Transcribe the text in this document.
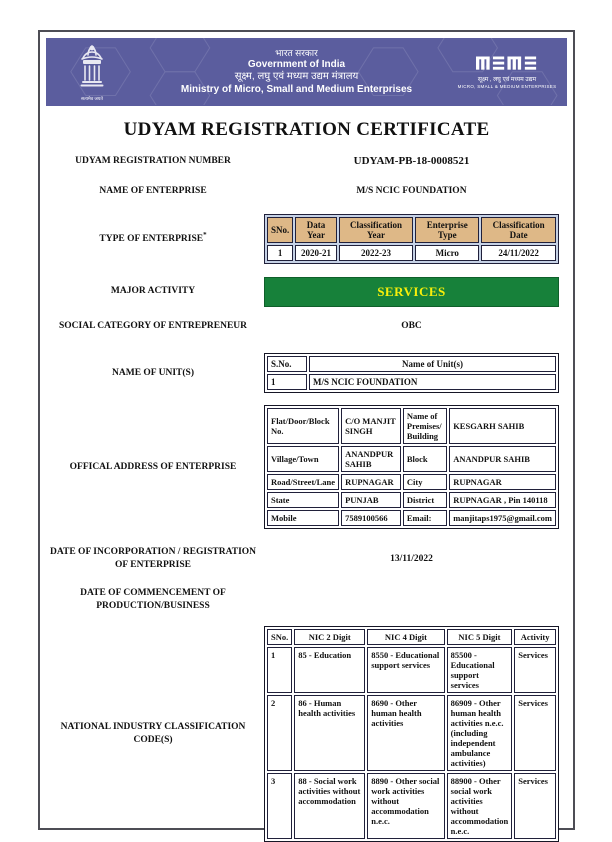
सत्यमेव जयते
भारत सरकार
Government of India
सूक्ष्म, लघु एवं मध्यम उद्यम मंत्रालय
Ministry of Micro, Small and Medium Enterprises
सूक्ष्म , लघु एवं मध्यम उद्यम
MICRO, SMALL & MEDIUM ENTERPRISES
UDYAM REGISTRATION CERTIFICATE
UDYAM REGISTRATION NUMBER	UDYAM-PB-18-0008521
NAME OF ENTERPRISE	M/S NCIC FOUNDATION
TYPE OF ENTERPRISE*
SNo.	Data Year	Classification Year	Enterprise Type	Classification Date
1	2020-21	2022-23	Micro	24/11/2022
MAJOR ACTIVITY	SERVICES
SOCIAL CATEGORY OF ENTREPRENEUR	OBC
NAME OF UNIT(S)
S.No.	Name of Unit(s)
1	M/S NCIC FOUNDATION
OFFICAL ADDRESS OF ENTERPRISE
Flat/Door/Block No.	C/O MANJIT SINGH	Name of Premises/ Building	KESGARH SAHIB
Village/Town	ANANDPUR SAHIB	Block	ANANDPUR SAHIB
Road/Street/Lane	RUPNAGAR	City	RUPNAGAR
State	PUNJAB	District	RUPNAGAR , Pin 140118
Mobile	7589100566	Email:	manjitaps1975@gmail.com
DATE OF INCORPORATION / REGISTRATION OF ENTERPRISE
13/11/2022
DATE OF COMMENCEMENT OF PRODUCTION/BUSINESS
NATIONAL INDUSTRY CLASSIFICATION CODE(S)
SNo.	NIC 2 Digit	NIC 4 Digit	NIC 5 Digit	Activity
1	85 - Education	8550 - Educational support services	85500 - Educational support services	Services
2	86 - Human health activities	8690 - Other human health activities	86909 - Other human health activities n.e.c. (including independent ambulance activities)	Services
3	88 - Social work activities without accommodation	8890 - Other social work activities without accommodation n.e.c.	88900 - Other social work activities without accommodation n.e.c.	Services
